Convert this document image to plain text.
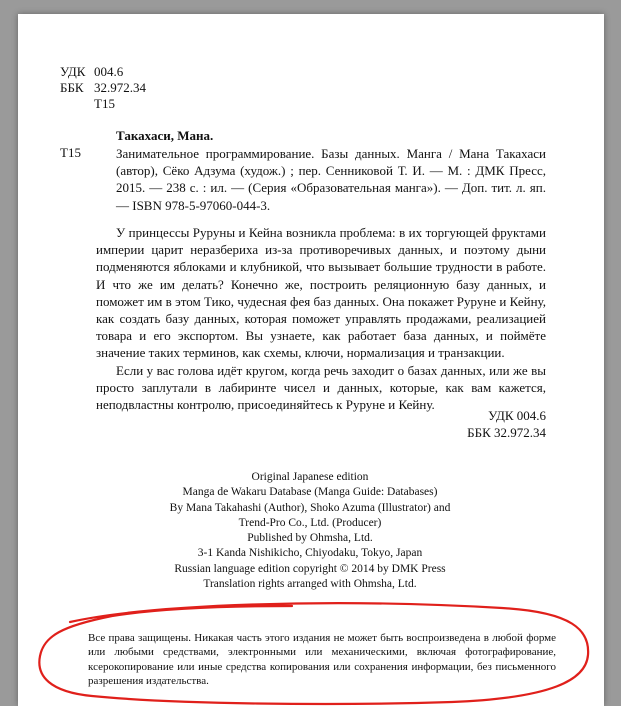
УДК 004.6
ББК 32.972.34
Т15
Такахаси, Мана.
Т15	Занимательное программирование. Базы данных. Манга / Мана Такахаси (автор), Сёко Адзума (худож.) ; пер. Сенниковой Т. И. — М. : ДМК Пресс, 2015. — 238 с. : ил. — (Серия «Образовательная манга»). — Доп. тит. л. яп. — ISBN 978-5-97060-044-3.

У принцессы Руруны и Кейна возникла проблема: в их торгующей фруктами империи царит неразбериха из-за противоречивых данных, и поэтому дыни подменяются яблоками и клубникой, что вызывает большие трудности в работе. И что же им делать? Конечно же, построить реляционную базу данных, и поможет им в этом Тико, чудесная фея баз данных. Она покажет Руруне и Кейну, как создать базу данных, которая поможет управлять продажами, реализацией товара и его экспортом. Вы узнаете, как работает база данных, и поймёте значение таких терминов, как схемы, ключи, нормализация и транзакции.

Если у вас голова идёт кругом, когда речь заходит о базах данных, или же вы просто заплутали в лабиринте чисел и данных, которые, как вам кажется, неподвластны контролю, присоединяйтесь к Руруне и Кейну.

УДК 004.6
ББК 32.972.34
Original Japanese edition
Manga de Wakaru Database (Manga Guide: Databases)
By Mana Takahashi (Author), Shoko Azuma (Illustrator) and
Trend-Pro Co., Ltd. (Producer)
Published by Ohmsha, Ltd.
3-1 Kanda Nishikicho, Chiyodaku, Tokyo, Japan
Russian language edition copyright © 2014 by DMK Press
Translation rights arranged with Ohmsha, Ltd.
Все права защищены. Никакая часть этого издания не может быть воспроизведена в любой форме или любыми средствами, электронными или механическими, включая фотографирование, ксерокопирование или иные средства копирования или сохранения информации, без письменного разрешения издательства.
